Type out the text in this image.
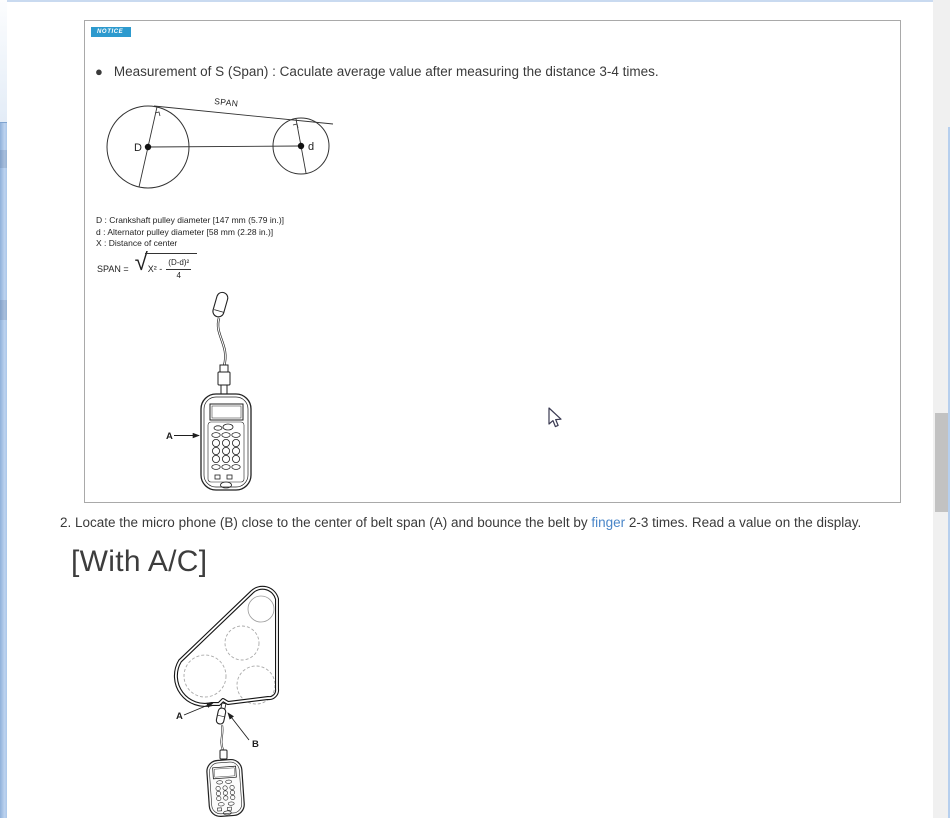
NOTICE
● Measurement of S (Span) : Caculate average value after measuring the distance 3-4 times.
SPAN
D	d
D : Crankshaft pulley diameter [147 mm (5.79 in.)]
d : Alternator pulley diameter [58 mm (2.28 in.)]
X : Distance of center
SPAN = √ $X^2 - \frac{\text{(D-d)²}}{4}$
A
2. Locate the micro phone (B) close to the center of belt span (A) and bounce the belt by finger 2-3 times. Read a value on the display.
[With A/C]
A
B
